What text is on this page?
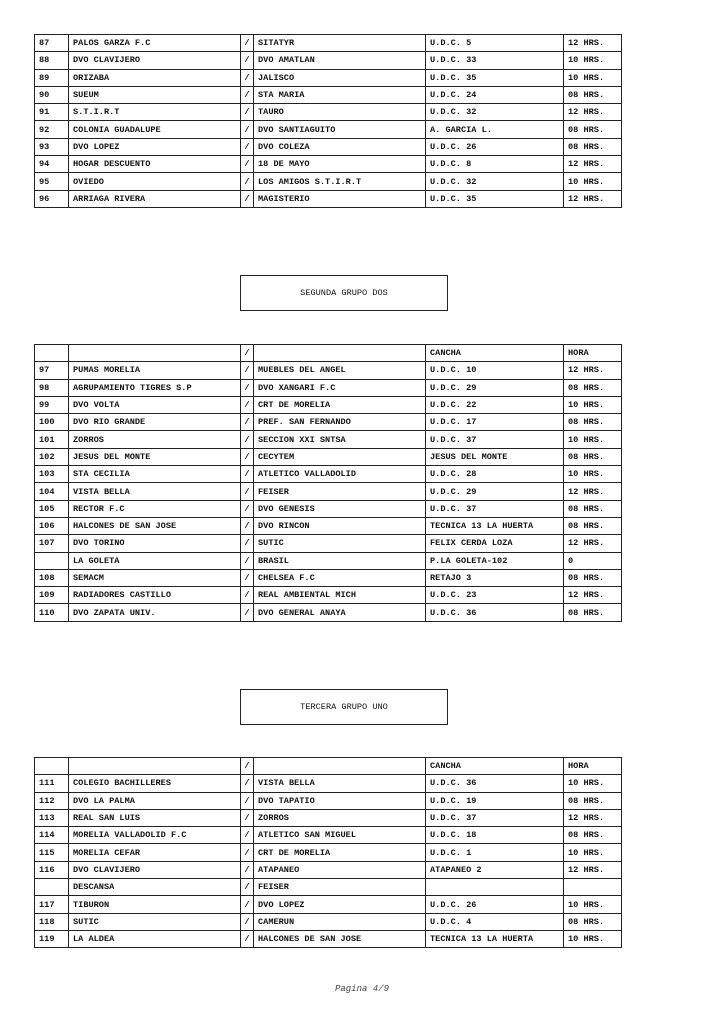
87	PALOS GARZA F.C	/	SITATYR	U.D.C. 5	12 HRS.
88	DVO CLAVIJERO	/	DVO AMATLAN	U.D.C. 33	10 HRS.
89	ORIZABA	/	JALISCO	U.D.C. 35	10 HRS.
90	SUEUM	/	STA MARIA	U.D.C. 24	08 HRS.
91	S.T.I.R.T	/	TAURO	U.D.C. 32	12 HRS.
92	COLONIA GUADALUPE	/	DVO SANTIAGUITO	A. GARCIA L.	08 HRS.
93	DVO LOPEZ	/	DVO COLEZA	U.D.C. 26	08 HRS.
94	HOGAR DESCUENTO	/	18 DE MAYO	U.D.C. 8	12 HRS.
95	OVIEDO	/	LOS AMIGOS S.T.I.R.T	U.D.C. 32	10 HRS.
96	ARRIAGA RIVERA	/	MAGISTERIO	U.D.C. 35	12 HRS.
SEGUNDA GRUPO DOS
		/		CANCHA	HORA
97	PUMAS MORELIA	/	MUEBLES DEL ANGEL	U.D.C. 10	12 HRS.
98	AGRUPAMIENTO TIGRES S.P	/	DVO XANGARI F.C	U.D.C. 29	08 HRS.
99	DVO VOLTA	/	CRT DE MORELIA	U.D.C. 22	10 HRS.
100	DVO RIO GRANDE	/	PREF. SAN FERNANDO	U.D.C. 17	08 HRS.
101	ZORROS	/	SECCION XXI SNTSA	U.D.C. 37	10 HRS.
102	JESUS DEL MONTE	/	CECYTEM	JESUS DEL MONTE	08 HRS.
103	STA CECILIA	/	ATLETICO VALLADOLID	U.D.C. 28	10 HRS.
104	VISTA BELLA	/	FEISER	U.D.C. 29	12 HRS.
105	RECTOR F.C	/	DVO GENESIS	U.D.C. 37	08 HRS.
106	HALCONES DE SAN JOSE	/	DVO RINCON	TECNICA 13 LA HUERTA	08 HRS.
107	DVO TORINO	/	SUTIC	FELIX CERDA LOZA	12 HRS.
	LA GOLETA	/	BRASIL	P.LA GOLETA-102	0
108	SEMACM	/	CHELSEA F.C	RETAJO 3	08 HRS.
109	RADIADORES CASTILLO	/	REAL AMBIENTAL MICH	U.D.C. 23	12 HRS.
110	DVO ZAPATA UNIV.	/	DVO GENERAL ANAYA	U.D.C. 36	08 HRS.
TERCERA GRUPO UNO
		/		CANCHA	HORA
111	COLEGIO BACHILLERES	/	VISTA BELLA	U.D.C. 36	10 HRS.
112	DVO LA PALMA	/	DVO TAPATIO	U.D.C. 19	08 HRS.
113	REAL SAN LUIS	/	ZORROS	U.D.C. 37	12 HRS.
114	MORELIA VALLADOLID F.C	/	ATLETICO SAN MIGUEL	U.D.C. 18	08 HRS.
115	MORELIA CEFAR	/	CRT DE MORELIA	U.D.C. 1	10 HRS.
116	DVO CLAVIJERO	/	ATAPANEO	ATAPANEO 2	12 HRS.
	DESCANSA	/	FEISER		
117	TIBURON	/	DVO LOPEZ	U.D.C. 26	10 HRS.
118	SUTIC	/	CAMERUN	U.D.C. 4	08 HRS.
119	LA ALDEA	/	HALCONES DE SAN JOSE	TECNICA 13 LA HUERTA	10 HRS.
Pagina 4/9
